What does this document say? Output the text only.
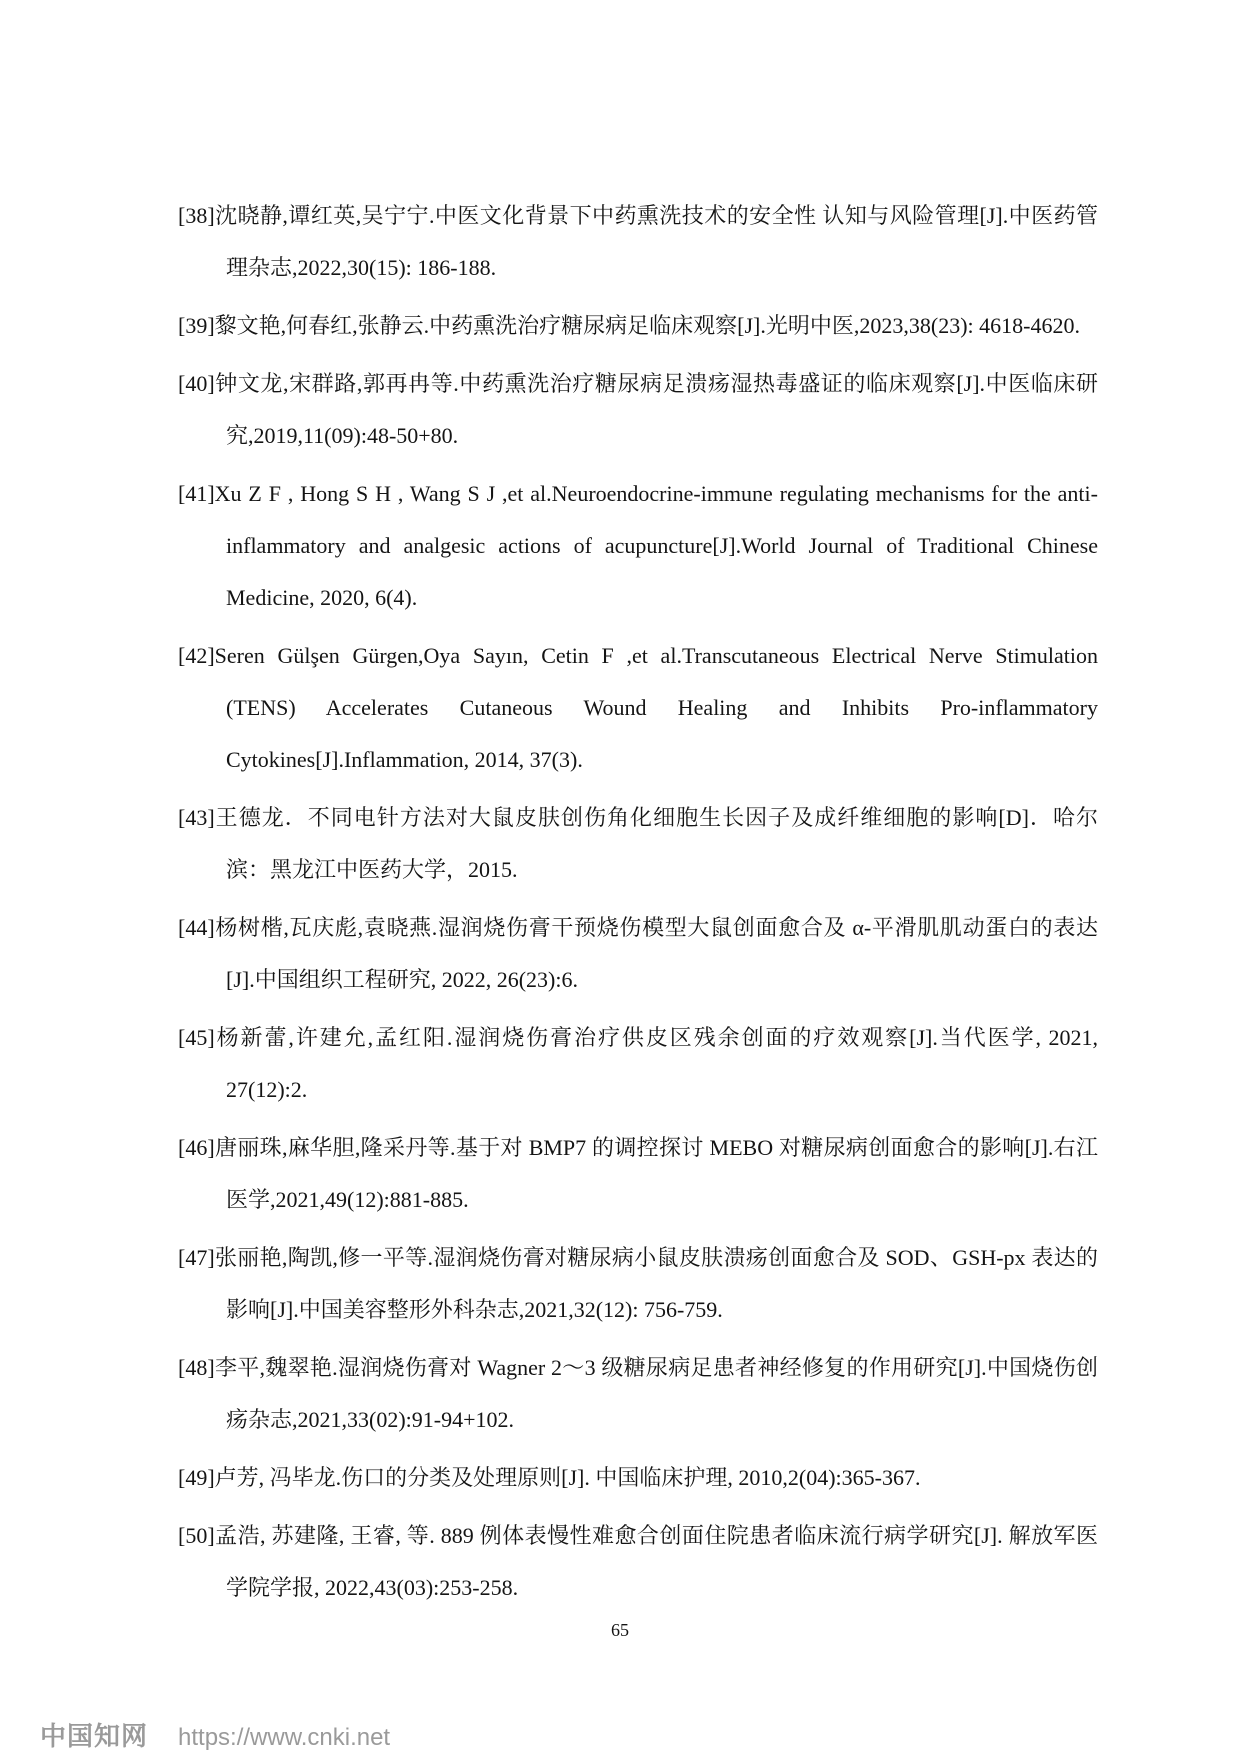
[38]沈晓静,谭红英,吴宁宁.中医文化背景下中药熏洗技术的安全性 认知与风险管理[J].中医药管理杂志,2022,30(15): 186-188.
[39]黎文艳,何春红,张静云.中药熏洗治疗糖尿病足临床观察[J].光明中医,2023,38(23): 4618-4620.
[40]钟文龙,宋群路,郭再冉等.中药熏洗治疗糖尿病足溃疡湿热毒盛证的临床观察[J].中医临床研究,2019,11(09):48-50+80.
[41]Xu Z F , Hong S H , Wang S J ,et al.Neuroendocrine-immune regulating mechanisms for the anti-inflammatory and analgesic actions of acupuncture[J].World Journal of Traditional Chinese Medicine, 2020, 6(4).
[42]Seren Gülşen Gürgen,Oya Sayın, Cetin F ,et al.Transcutaneous Electrical Nerve Stimulation (TENS) Accelerates Cutaneous Wound Healing and Inhibits Pro-inflammatory Cytokines[J].Inflammation, 2014, 37(3).
[43]王德龙．不同电针方法对大鼠皮肤创伤角化细胞生长因子及成纤维细胞的影响[D]．哈尔滨：黑龙江中医药大学，2015.
[44]杨树楷,瓦庆彪,袁晓燕.湿润烧伤膏干预烧伤模型大鼠创面愈合及 α-平滑肌肌动蛋白的表达[J].中国组织工程研究, 2022, 26(23):6.
[45]杨新蕾,许建允,孟红阳.湿润烧伤膏治疗供皮区残余创面的疗效观察[J].当代医学, 2021, 27(12):2.
[46]唐丽珠,麻华胆,隆采丹等.基于对 BMP7 的调控探讨 MEBO 对糖尿病创面愈合的影响[J].右江医学,2021,49(12):881-885.
[47]张丽艳,陶凯,修一平等.湿润烧伤膏对糖尿病小鼠皮肤溃疡创面愈合及 SOD、GSH-px 表达的影响[J].中国美容整形外科杂志,2021,32(12): 756-759.
[48]李平,魏翠艳.湿润烧伤膏对 Wagner 2～3 级糖尿病足患者神经修复的作用研究[J].中国烧伤创疡杂志,2021,33(02):91-94+102.
[49]卢芳, 冯毕龙.伤口的分类及处理原则[J]. 中国临床护理, 2010,2(04):365-367.
[50]孟浩, 苏建隆, 王睿, 等. 889 例体表慢性难愈合创面住院患者临床流行病学研究[J]. 解放军医学院学报, 2022,43(03):253-258.
65
中国知网 https://www.cnki.net
